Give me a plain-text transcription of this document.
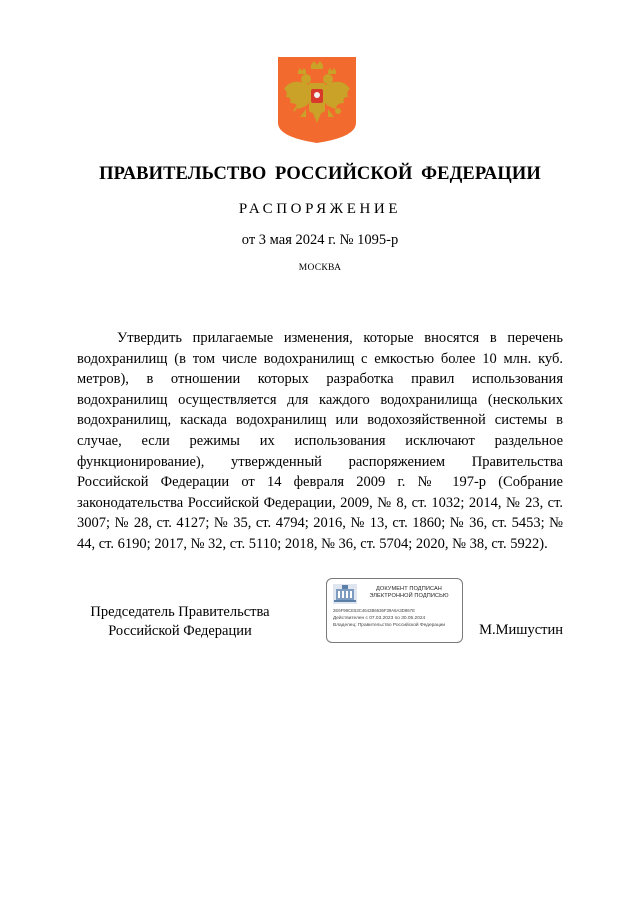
ПРАВИТЕЛЬСТВО РОССИЙСКОЙ ФЕДЕРАЦИИ
РАСПОРЯЖЕНИЕ
от 3 мая 2024 г. № 1095-р
МОСКВА

Утвердить прилагаемые изменения, которые вносятся в перечень водохранилищ (в том числе водохранилищ с емкостью более 10 млн. куб. метров), в отношении которых разработка правил использования водохранилищ осуществляется для каждого водохранилища (нескольких водохранилищ, каскада водохранилищ или водохозяйственной системы в случае, если режимы их использования исключают раздельное функционирование), утвержденный распоряжением Правительства Российской Федерации от 14 февраля 2009 г. № 197-р (Собрание законодательства Российской Федерации, 2009, № 8, ст. 1032; 2014, № 23, ст. 3007; № 28, ст. 4127; № 35, ст. 4794; 2016, № 13, ст. 1860; № 36, ст. 5453; № 44, ст. 6190; 2017, № 32, ст. 5110; 2018, № 36, ст. 5704; 2020, № 38, ст. 5922).

Председатель Правительства
Российской Федерации
ДОКУМЕНТ ПОДПИСАН
ЭЛЕКТРОННОЙ ПОДПИСЬЮ
2E6F99CE53C4642B6636F39A6A3D867E
Действителен с 07.03.2023 по 30.05.2024
Владелец: Правительство Российской Федерации	М.Мишустин
